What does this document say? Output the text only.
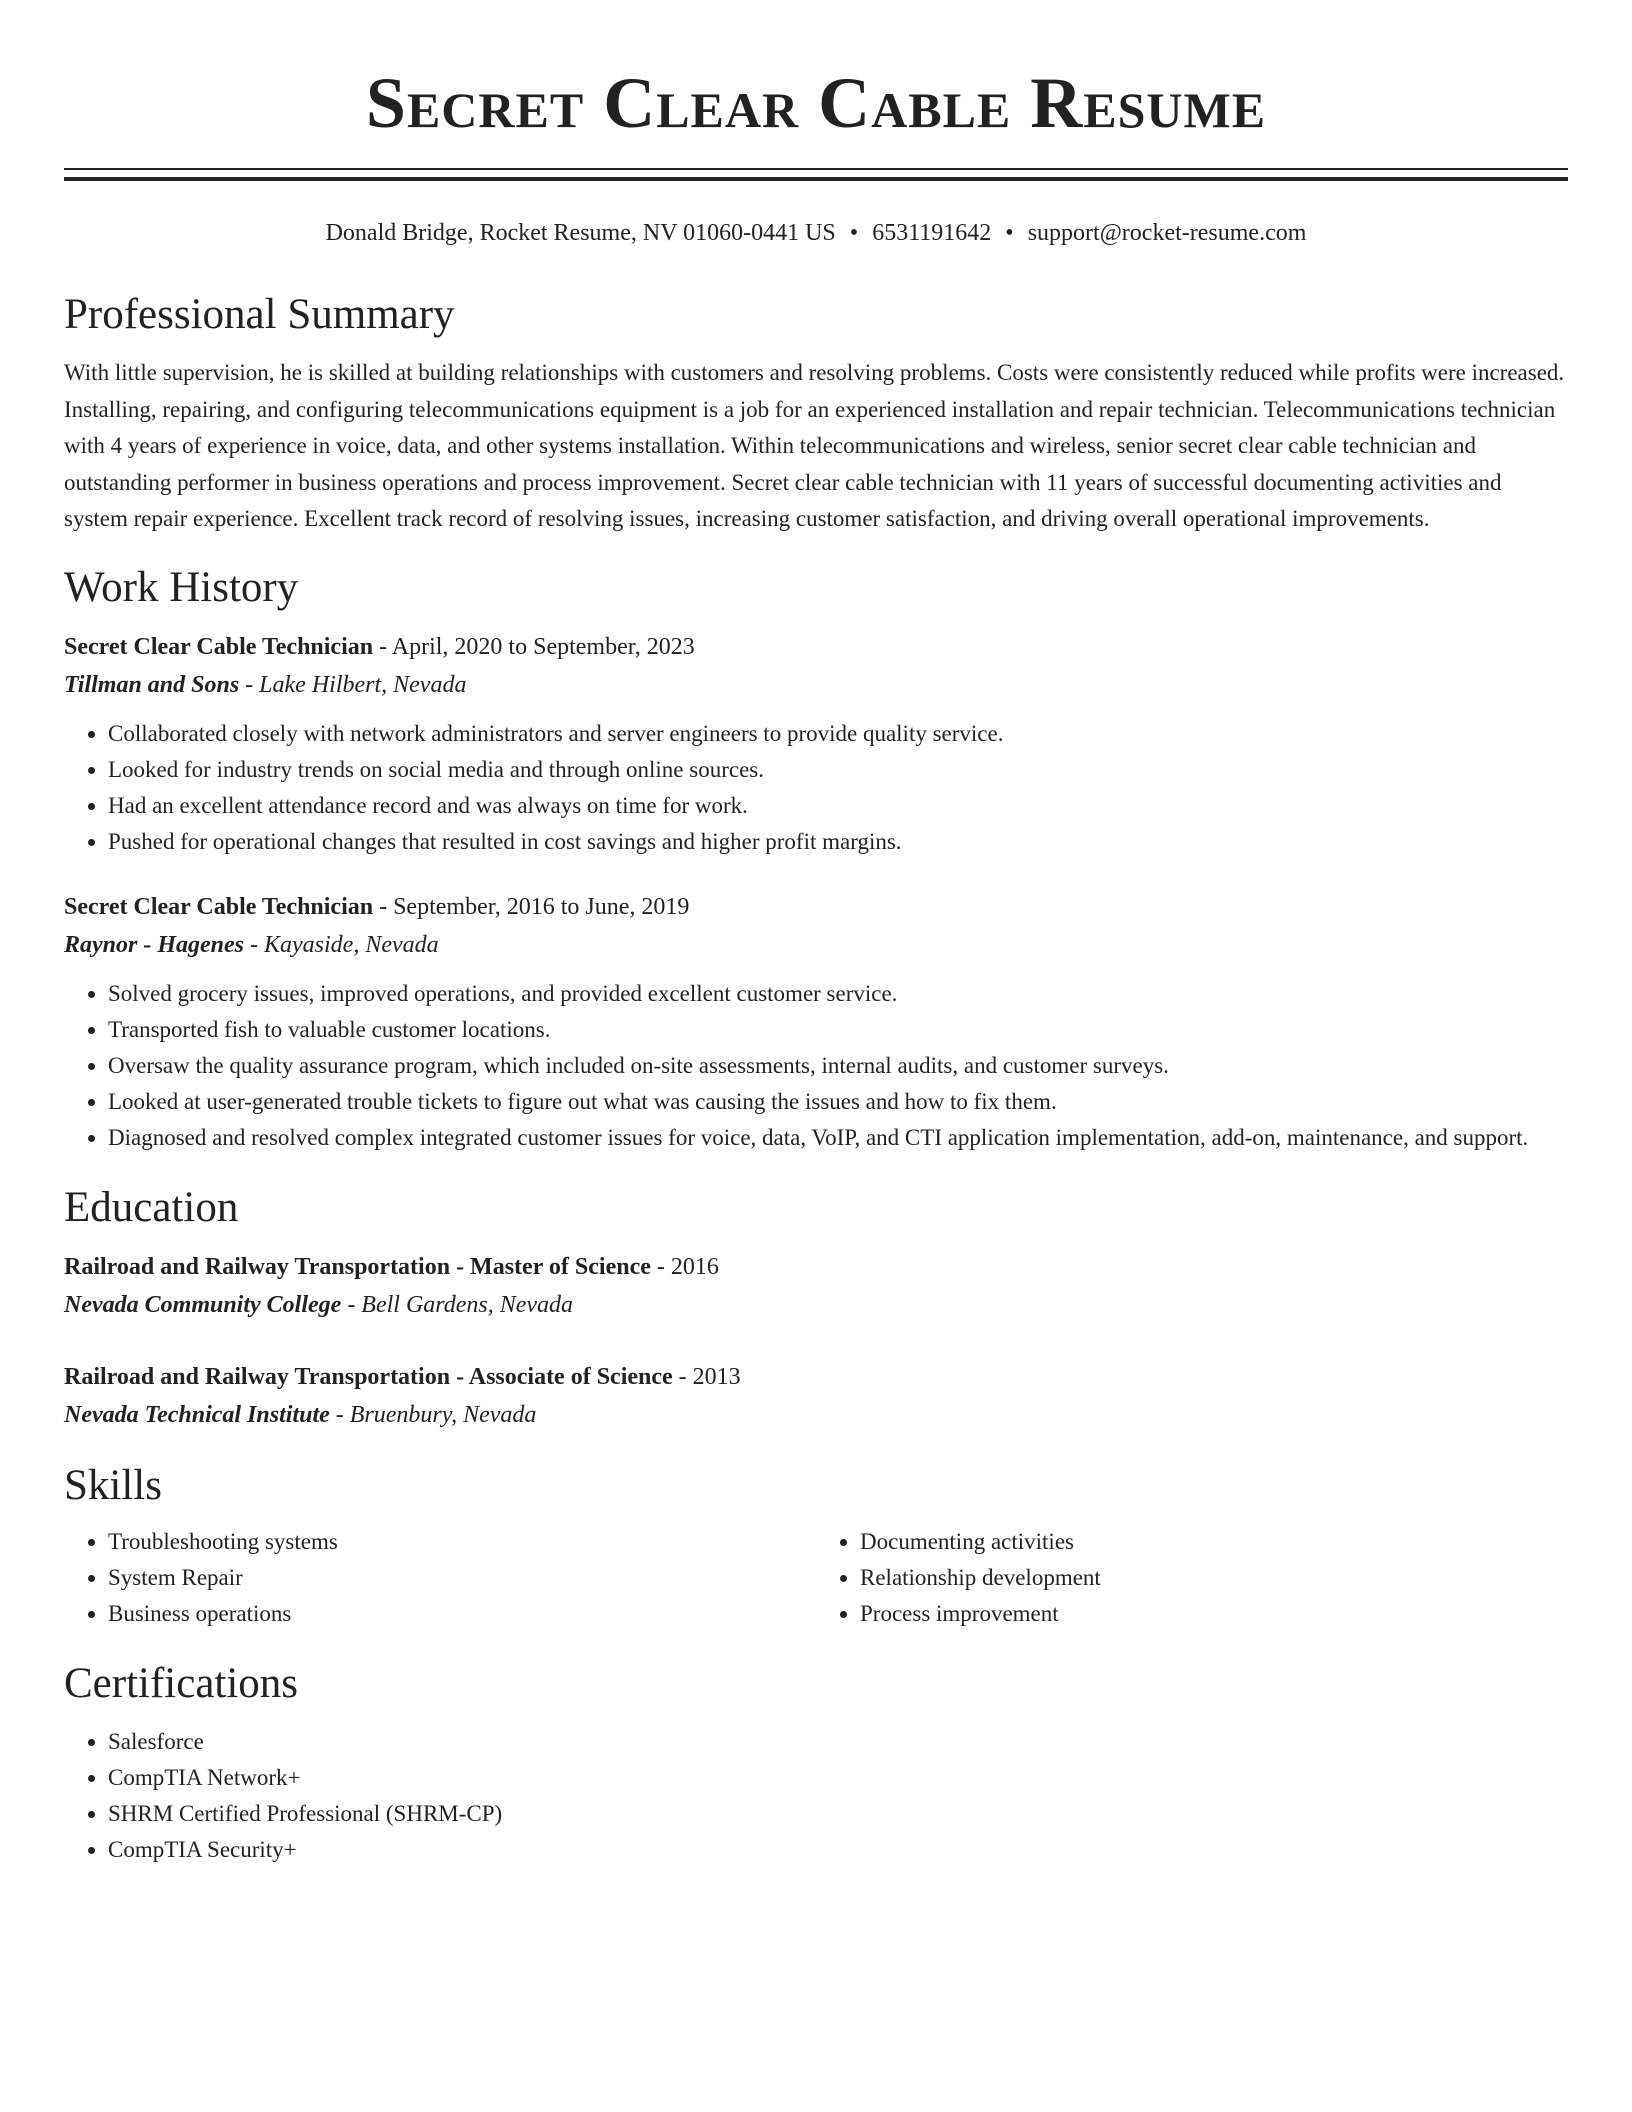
Secret Clear Cable Resume
Donald Bridge, Rocket Resume, NV 01060-0441 US • 6531191642 • support@rocket-resume.com
Professional Summary

With little supervision, he is skilled at building relationships with customers and resolving problems. Costs were consistently reduced while profits were increased. Installing, repairing, and configuring telecommunications equipment is a job for an experienced installation and repair technician. Telecommunications technician with 4 years of experience in voice, data, and other systems installation. Within telecommunications and wireless, senior secret clear cable technician and outstanding performer in business operations and process improvement. Secret clear cable technician with 11 years of successful documenting activities and system repair experience. Excellent track record of resolving issues, increasing customer satisfaction, and driving overall operational improvements.

Work History
Secret Clear Cable Technician - April, 2020 to September, 2023
Tillman and Sons - Lake Hilbert, Nevada
• Collaborated closely with network administrators and server engineers to provide quality service.
• Looked for industry trends on social media and through online sources.
• Had an excellent attendance record and was always on time for work.
• Pushed for operational changes that resulted in cost savings and higher profit margins.
Secret Clear Cable Technician - September, 2016 to June, 2019
Raynor - Hagenes - Kayaside, Nevada
• Solved grocery issues, improved operations, and provided excellent customer service.
• Transported fish to valuable customer locations.
• Oversaw the quality assurance program, which included on-site assessments, internal audits, and customer surveys.
• Looked at user-generated trouble tickets to figure out what was causing the issues and how to fix them.
• Diagnosed and resolved complex integrated customer issues for voice, data, VoIP, and CTI application implementation, add-on, maintenance, and support.
Education
Railroad and Railway Transportation - Master of Science - 2016
Nevada Community College - Bell Gardens, Nevada
Railroad and Railway Transportation - Associate of Science - 2013
Nevada Technical Institute - Bruenbury, Nevada
Skills
• Troubleshooting systems
• System Repair
• Business operations
• Documenting activities
• Relationship development
• Process improvement
Certifications
• Salesforce
• CompTIA Network+
• SHRM Certified Professional (SHRM-CP)
• CompTIA Security+
